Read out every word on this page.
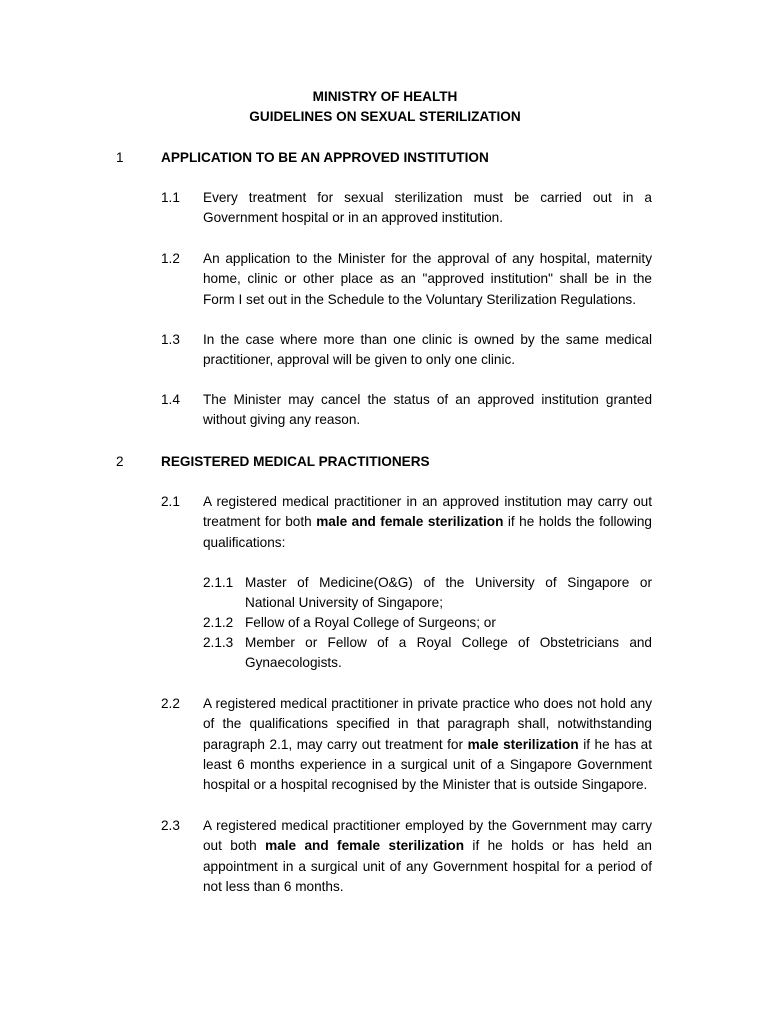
MINISTRY OF HEALTH
GUIDELINES ON SEXUAL STERILIZATION
1	APPLICATION TO BE AN APPROVED INSTITUTION
1.1 Every treatment for sexual sterilization must be carried out in a
Government hospital or in an approved institution.
1.2 An application to the Minister for the approval of any hospital, maternity
home, clinic or other place as an "approved institution" shall be in the
Form I set out in the Schedule to the Voluntary Sterilization Regulations.
1.3 In the case where more than one clinic is owned by the same medical
practitioner, approval will be given to only one clinic.
1.4 The Minister may cancel the status of an approved institution granted
without giving any reason.
2	REGISTERED MEDICAL PRACTITIONERS
2.1 A registered medical practitioner in an approved institution may carry out
treatment for both male and female sterilization if he holds the following
qualifications:
2.1.1 Master of Medicine(O&G) of the University of Singapore or
National University of Singapore;
2.1.2 Fellow of a Royal College of Surgeons; or
2.1.3 Member or Fellow of a Royal College of Obstetricians and
Gynaecologists.
2.2 A registered medical practitioner in private practice who does not hold any
of the qualifications specified in that paragraph shall, notwithstanding
paragraph 2.1, may carry out treatment for male sterilization if he has at
least 6 months experience in a surgical unit of a Singapore Government
hospital or a hospital recognised by the Minister that is outside Singapore.
2.3 A registered medical practitioner employed by the Government may carry
out both male and female sterilization if he holds or has held an
appointment in a surgical unit of any Government hospital for a period of
not less than 6 months.
